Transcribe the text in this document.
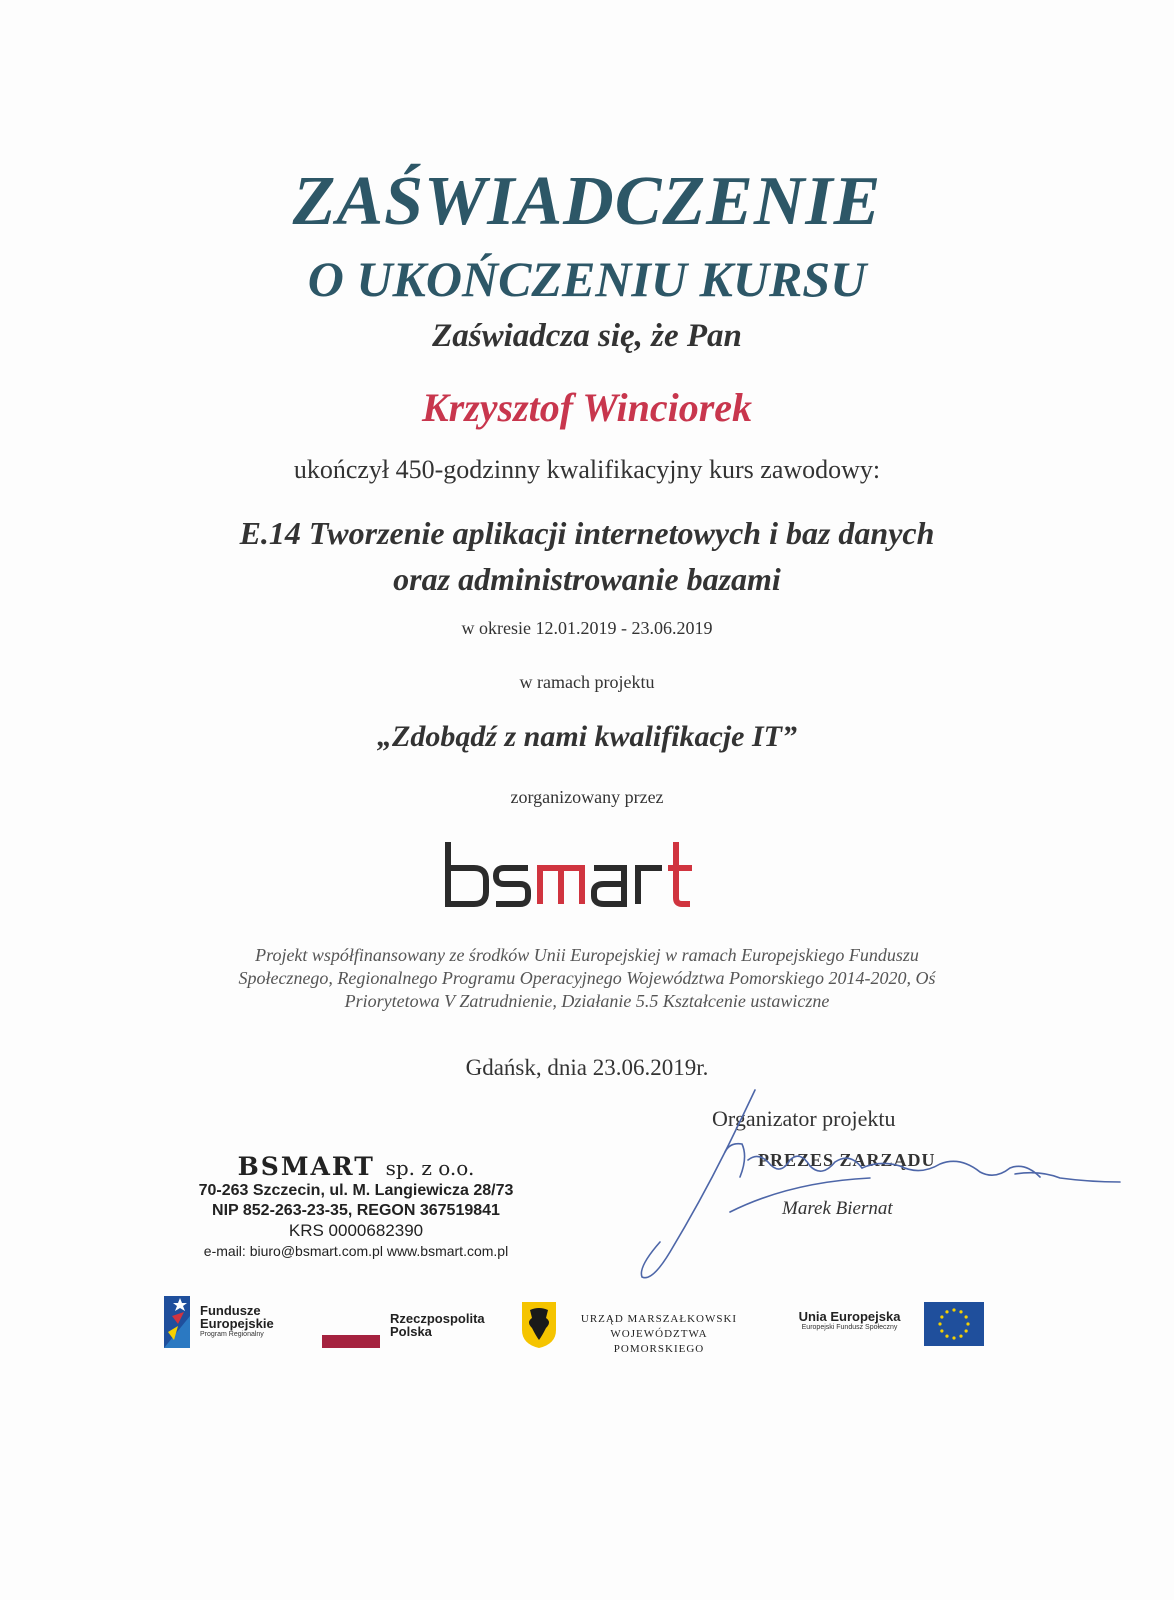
ZAŚWIADCZENIE
O UKOŃCZENIU KURSU
Zaświadcza się, że Pan
Krzysztof Winciorek
ukończył 450-godzinny kwalifikacyjny kurs zawodowy:
E.14 Tworzenie aplikacji internetowych i baz danych
oraz administrowanie bazami
w okresie 12.01.2019 - 23.06.2019
w ramach projektu
„Zdobądź z nami kwalifikacje IT”
zorganizowany przez
Projekt współfinansowany ze środków Unii Europejskiej w ramach Europejskiego Funduszu
Społecznego, Regionalnego Programu Operacyjnego Województwa Pomorskiego 2014-2020, Oś
Priorytetowa V Zatrudnienie, Działanie 5.5 Kształcenie ustawiczne
Gdańsk, dnia 23.06.2019r.
Organizator projektu
PREZES ZARZĄDU
Marek Biernat
BSMART sp. z o.o.
70-263 Szczecin, ul. M. Langiewicza 28/73
NIP 852-263-23-35, REGON 367519841
KRS 0000682390
e-mail: biuro@bsmart.com.pl www.bsmart.com.pl
Fundusze
Europejskie
Program Regionalny
Rzeczpospolita
Polska
URZĄD MARSZAŁKOWSKI
WOJEWÓDZTWA POMORSKIEGO
Unia Europejska
Europejski Fundusz Społeczny
